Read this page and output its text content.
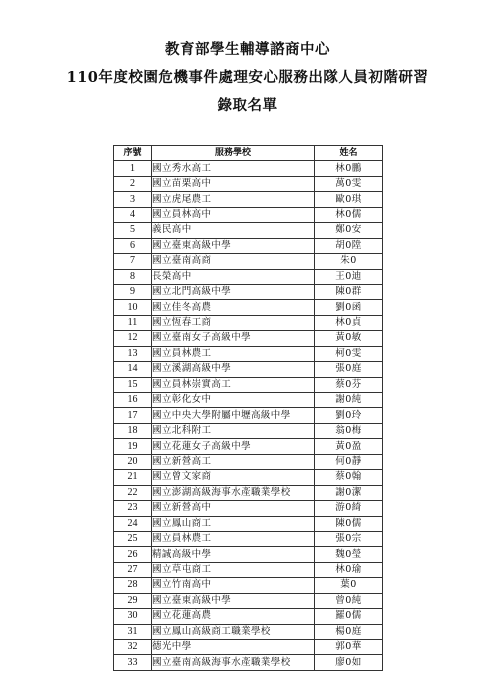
教育部學生輔導諮商中心
110年度校園危機事件處理安心服務出隊人員初階研習
錄取名單
序號	服務學校	姓名
1	國立秀水高工	林0鵬
2	國立苗栗高中	萬0雯
3	國立虎尾農工	歐0琪
4	國立員林高中	林0儒
5	義民高中	鄭0安
6	國立臺東高級中學	胡0陞
7	國立臺南高商	朱0
8	長榮高中	王0迪
9	國立北門高級中學	陳0群
10	國立佳冬高農	劉0函
11	國立恆春工商	林0貞
12	國立臺南女子高級中學	黃0敏
13	國立員林農工	柯0雯
14	國立溪湖高級中學	張0庭
15	國立員林崇實高工	蔡0芬
16	國立彰化女中	謝0純
17	國立中央大學附屬中壢高級中學	劉0玲
18	國立北科附工	翁0梅
19	國立花蓮女子高級中學	黃0盈
20	國立新營高工	何0靜
21	國立曾文家商	蔡0翰
22	國立澎湖高級海事水產職業學校	謝0潔
23	國立新營高中	游0綺
24	國立鳳山商工	陳0儒
25	國立員林農工	張0宗
26	精誠高級中學	魏0瑩
27	國立草屯商工	林0瑜
28	國立竹南高中	葉0
29	國立臺東高級中學	曾0純
30	國立花蓮高農	羅0儒
31	國立鳳山高級商工職業學校	楊0庭
32	德光中學	郭0華
33	國立臺南高級海事水產職業學校	廖0如
